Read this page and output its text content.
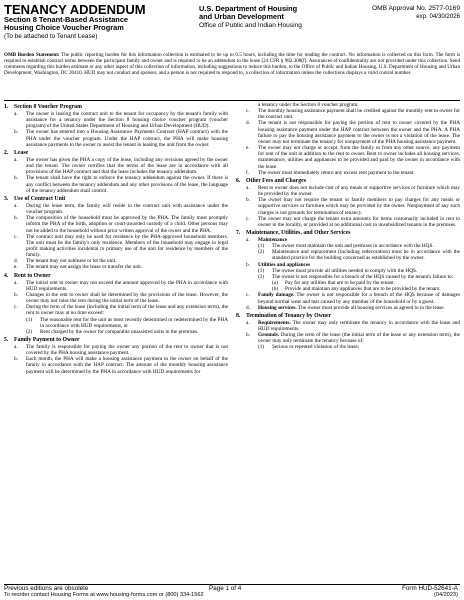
TENANCY ADDENDUM
Section 8 Tenant-Based Assistance
Housing Choice Voucher Program
(To be attached to Tenant Lease)
U.S. Department of Housing
and Urban Development
Office of Public and Indian Housing
OMB Approval No. 2577-0169
exp. 04/30/2026
OMB Burden Statement: The public reporting burden for this information collection is estimated to be up to 0.5 hours, including the time for reading the contract. No information is collected on this form. The form is required to establish contract terms between the participant family and owner and is required to be an addendum to the lease (24 CFR § 982.308(f). Assurances of confidentiality are not provided under this collection. Send comments regarding this burden estimate or any other aspect of this collection of information, including suggestions to reduce this burden, to the Office of Public and Indian Housing, U.S. Department of Housing and Urban Development, Washington, DC 20410. HUD may not conduct and sponsor, and a person is not required to respond to, a collection of information unless the collections displays a valid control number.
1. Section 8 Voucher Program
a.	The owner is leasing the contract unit to the tenant for occupancy by the tenant's family with assistance for a tenancy under the Section 8 housing choice voucher program (voucher program) of the United States Department of Housing and Urban Development (HUD).
b.	The owner has entered into a Housing Assistance Payments Contract (HAP contract) with the PHA under the voucher program. Under the HAP contract, the PHA will make housing assistance payments to the owner to assist the tenant in leasing the unit from the owner.
2. Lease
a.	The owner has given the PHA a copy of the lease, including any revisions agreed by the owner and the tenant. The owner certifies that the terms of the lease are in accordance with all provisions of the HAP contract and that the lease includes the tenancy addendum.
b.	The tenant shall have the right to enforce the tenancy addendum against the owner. If there is any conflict between the tenancy addendum and any other provisions of the lease, the language of the tenancy addendum shall control.
3. Use of Contract Unit
a.	During the lease term, the family will reside in the contract unit with assistance under the voucher program.
b.	The composition of the household must be approved by the PHA. The family must promptly inform the PHA of the birth, adoption or court-awarded custody of a child. Other persons may not be added to the household without prior written approval of the owner and the PHA.
c.	The contract unit may only be used for residence by the PHA-approved household members. The unit must be the family's only residence. Members of the household may engage in legal profit making activities incidental to primary use of the unit for residence by members of the family.
d.	The tenant may not sublease or let the unit.
e.	The tenant may not assign the lease or transfer the unit.
4. Rent to Owner
a.	The initial rent to owner may not exceed the amount approved by the PHA in accordance with HUD requirements.
b.	Changes in the rent to owner shall be determined by the provisions of the lease. However, the owner may not raise the rent during the initial term of the lease.
c.	During the term of the lease (including the initial term of the lease and any extension term), the rent to owner may at no time exceed:
(1)	The reasonable rent for the unit as most recently determined or redetermined by the PHA in accordance with HUD requirements, or
(2)	Rent charged by the owner for comparable unassisted units in the premises.
5. Family Payment to Owner
a.	The family is responsible for paying the owner any portion of the rent to owner that is not covered by the PHA housing assistance payment.
b.	Each month, the PHA will make a housing assistance payment to the owner on behalf of the family in accordance with the HAP contract. The amount of the monthly housing assistance payment will be determined by the PHA in accordance with HUD requirements for
a tenancy under the Section 8 voucher program.
c.	The monthly housing assistance payment shall be credited against the monthly rent to owner for the contract unit.
d.	The tenant is not responsible for paying the portion of rent to owner covered by the PHA housing assistance payment under the HAP contract between the owner and the PHA. A PHA failure to pay the housing assistance payment to the owner is not a violation of the lease. The owner may not terminate the tenancy for nonpayment of the PHA housing assistance payment.
e.	The owner may not charge or accept, from the family or from any other source, any payment for rent of the unit in addition to the rent to owner. Rent to owner includes all housing services, maintenance, utilities and appliances to be provided and paid by the owner in accordance with the lease.
f.	The owner must immediately return any excess rent payment to the tenant.
6. Other Fees and Charges
a.	Rent to owner does not include cost of any meals or supportive services or furniture which may be provided by the owner.
b.	The owner may not require the tenant or family members to pay charges for any meals or supportive services or furniture which may be provided by the owner. Nonpayment of any such charges is not grounds for termination of tenancy.
c.	The owner may not charge the tenant extra amounts for items customarily included in rent to owner in the locality, or provided at no additional cost to unsubsidized tenants in the premises.
7. Maintenance, Utilities, and Other Services
a.	Maintenance
(1)	The owner must maintain the unit and premises in accordance with the HQS.
(2)	Maintenance and replacement (including redecoration) must be in accordance with the standard practice for the building concerned as established by the owner.
b.	Utilities and appliances
(1)	The owner must provide all utilities needed to comply with the HQS.
(2)	The owner is not responsible for a breach of the HQS caused by the tenant's failure to:
(a)	Pay for any utilities that are to be paid by the tenant.
(b)	Provide and maintain any appliances that are to be provided by the tenant.
c.	Family damage. The owner is not responsible for a breach of the HQS because of damages beyond normal wear and tear caused by any member of the household or by a guest.
d.	Housing services. The owner must provide all housing services as agreed to in the lease.
8. Termination of Tenancy by Owner
a.	Requirements. The owner may only terminate the tenancy in accordance with the lease and HUD requirements.
b.	Grounds. During the term of the lease (the initial term of the lease or any extension term), the owner may only terminate the tenancy because of:
(1)	Serious or repeated violation of the lease;
Previous editions are obsolete	Page 1 of 4	Form HUD-52641-A
To reorder contact Housing Forms at www.housing-forms.com or (800) 334-1562	(04/2023)
